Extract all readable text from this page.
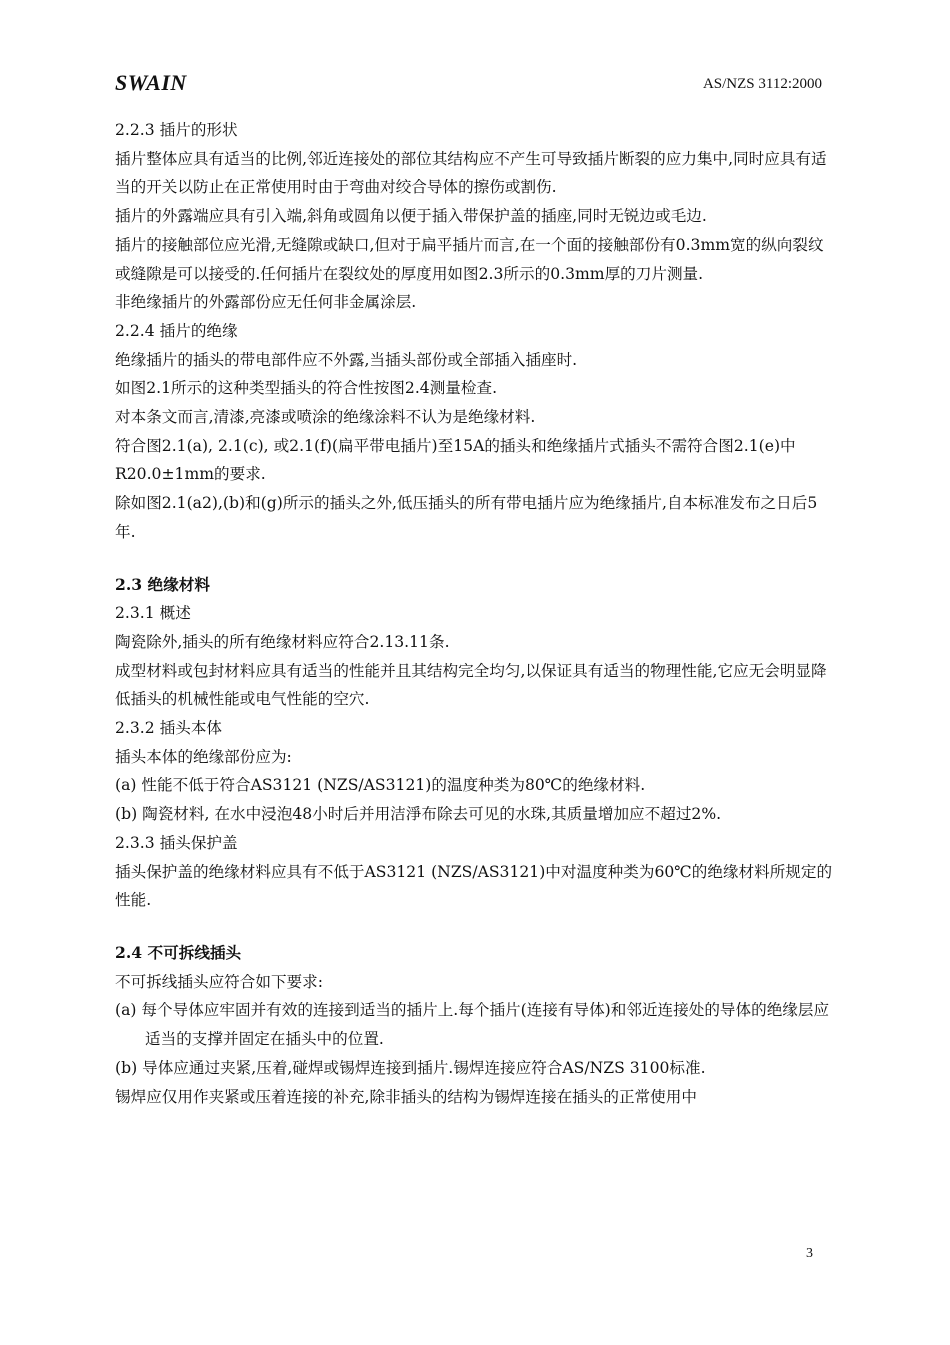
SWAIN	AS/NZS 3112:2000

2.2.3 插片的形状

插片整体应具有适当的比例,邻近连接处的部位其结构应不产生可导致插片断裂的应力集中,同时应具有适当的开关以防止在正常使用时由于弯曲对绞合导体的擦伤或割伤.

插片的外露端应具有引入端,斜角或圆角以便于插入带保护盖的插座,同时无锐边或毛边.

插片的接触部位应光滑,无缝隙或缺口,但对于扁平插片而言,在一个面的接触部份有0.3mm宽的纵向裂纹或缝隙是可以接受的.任何插片在裂纹处的厚度用如图2.3所示的0.3mm厚的刀片测量.

非绝缘插片的外露部份应无任何非金属涂层.

2.2.4 插片的绝缘

绝缘插片的插头的带电部件应不外露,当插头部份或全部插入插座时.

如图2.1所示的这种类型插头的符合性按图2.4测量检查.

对本条文而言,清漆,亮漆或喷涂的绝缘涂料不认为是绝缘材料.

符合图2.1(a), 2.1(c), 或2.1(f)(扁平带电插片)至15A的插头和绝缘插片式插头不需符合图2.1(e)中R20.0±1mm的要求.

除如图2.1(a2),(b)和(g)所示的插头之外,低压插头的所有带电插片应为绝缘插片,自本标准发布之日后5年.

2.3 绝缘材料

2.3.1 概述

陶瓷除外,插头的所有绝缘材料应符合2.13.11条.

成型材料或包封材料应具有适当的性能并且其结构完全均匀,以保证具有适当的物理性能,它应无会明显降低插头的机械性能或电气性能的空穴.

2.3.2 插头本体

插头本体的绝缘部份应为:

(a) 性能不低于符合AS3121 (NZS/AS3121)的温度种类为80℃的绝缘材料.

(b) 陶瓷材料, 在水中浸泡48小时后并用洁淨布除去可见的水珠,其质量增加应不超过2%.

2.3.3 插头保护盖

插头保护盖的绝缘材料应具有不低于AS3121 (NZS/AS3121)中对温度种类为60℃的绝缘材料所规定的性能.

2.4 不可拆线插头

不可拆线插头应符合如下要求:

(a) 每个导体应牢固并有效的连接到适当的插片上.每个插片(连接有导体)和邻近连接处的导体的绝缘层应适当的支撑并固定在插头中的位置.

(b) 导体应通过夹紧,压着,碰焊或锡焊连接到插片.锡焊连接应符合AS/NZS 3100标准.

锡焊应仅用作夹紧或压着连接的补充,除非插头的结构为锡焊连接在插头的正常使用中

3
